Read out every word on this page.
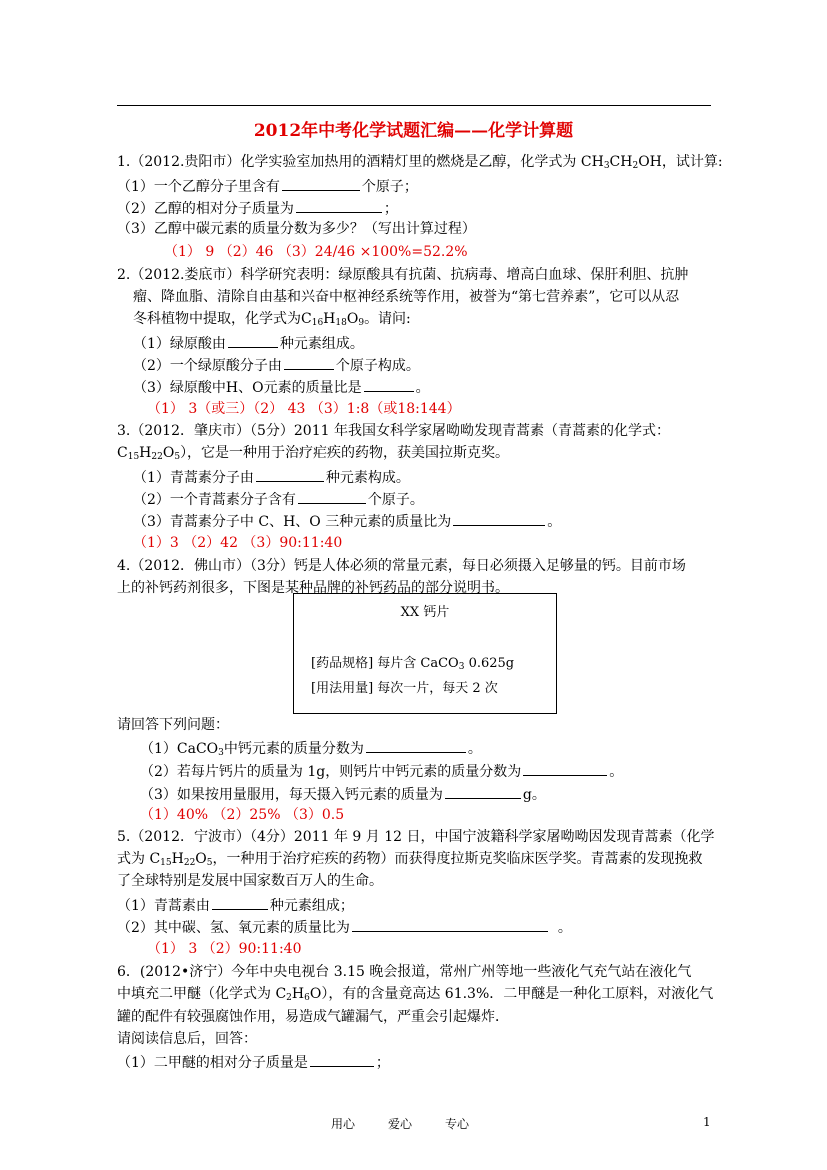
2012年中考化学试题汇编——化学计算题
1.（2012.贵阳市）化学实验室加热用的酒精灯里的燃烧是乙醇，化学式为 $CH_3CH_2OH$，试计算:
（1）一个乙醇分子里含有	个原子；
（2）乙醇的相对分子质量为	；
（3）乙醇中碳元素的质量分数为多少？（写出计算过程）
（1） 9 （2）46 （3）24/46 ×100%=52.2%
2.（2012.娄底市）科学研究表明：绿原酸具有抗菌、抗病毒、增高白血球、保肝利胆、抗肿
瘤、降血脂、清除自由基和兴奋中枢神经系统等作用，被誉为“第七营养素”，它可以从忍
冬科植物中提取，化学式为$C_{16}H_{18}O_9$。请问:
（1）绿原酸由	种元素组成。
（2）一个绿原酸分子由	个原子构成。
（3）绿原酸中H、O元素的质量比是	。
（1） 3（或三）（2） 43 （3）1:8（或18:144）
3.（2012．肇庆市）（5分）2011 年我国女科学家屠呦呦发现青蒿素（青蒿素的化学式：
$C_{15}H_{22}O_5$），它是一种用于治疗疟疾的药物，获美国拉斯克奖。
（1）青蒿素分子由	种元素构成。
（2）一个青蒿素分子含有	个原子。
（3）青蒿素分子中 C、H、O 三种元素的质量比为	。
（1）3 （2）42 （3）90:11:40
4.（2012．佛山市）（3分）钙是人体必须的常量元素，每日必须摄入足够量的钙。目前市场
上的补钙药剂很多，下图是某种品牌的补钙药品的部分说明书。
XX 钙片
[药品规格] 每片含 CaCO$_3$ 0.625g
[用法用量] 每次一片，每天 2 次
请回答下列问题：
（1）CaCO$_3$中钙元素的质量分数为	。
（2）若每片钙片的质量为 1g，则钙片中钙元素的质量分数为	。
（3）如果按用量服用，每天摄入钙元素的质量为	g。
（1）40% （2）25% （3）0.5
5.（2012．宁波市）（4分）2011 年 9 月 12 日，中国宁波籍科学家屠呦呦因发现青蒿素（化学
式为 $C_{15}H_{22}O_5$，一种用于治疗疟疾的药物）而获得度拉斯克奖临床医学奖。青蒿素的发现挽救
了全球特别是发展中国家数百万人的生命。
（1）青蒿素由	种元素组成；
（2）其中碳、氢、氧元素的质量比为	。
（1） 3 （2）90:11:40
6．(2012•济宁）今年中央电视台 3.15 晚会报道，常州广州等地一些液化气充气站在液化气
中填充二甲醚（化学式为 $C_2H_6O$），有的含量竟高达 61.3%．二甲醚是一种化工原料，对液化气
罐的配件有较强腐蚀作用，易造成气罐漏气，严重会引起爆炸．
请阅读信息后，回答：
（1）二甲醚的相对分子质量是	；
用心	爱心	专心	1
